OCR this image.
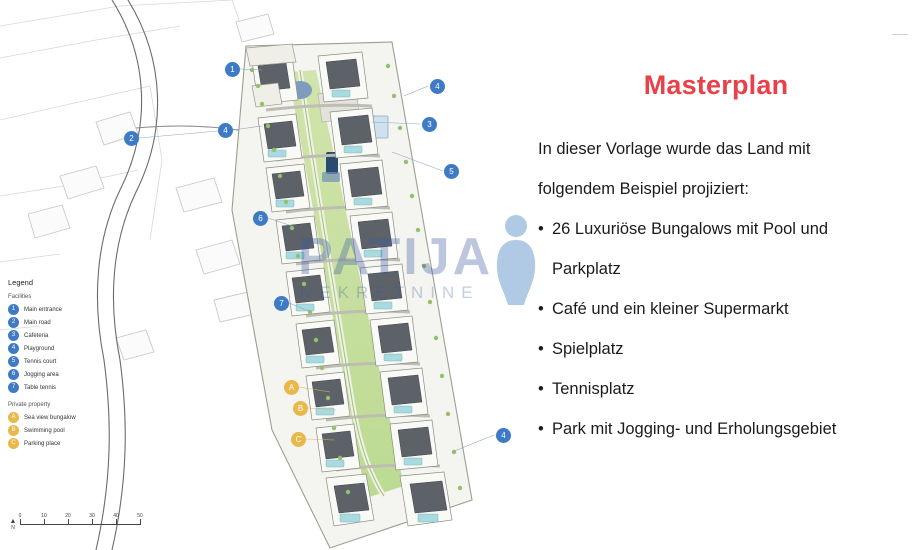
1
2
4
4
3
5
6
7
4
A
B
C
Legend
Facilities
1	Main entrance
2	Main road
3	Cafeteria
4	Playground
5	Tennis court
6	Jogging area
7	Table tennis
Private property
A	Sea view bungalow
B	Swimming pool
C	Parking place
▲
N
0	10	20	30	40	50
Masterplan

In dieser Vorlage wurde das Land mit

folgendem Beispiel projiziert:

• 26 Luxuriöse Bungalows mit Pool und Parkplatz
• Café und ein kleiner Supermarkt
• Spielplatz
• Tennisplatz
• Park mit Jogging- und Erholungsgebiet
PATIJA
NEKRETNINE
